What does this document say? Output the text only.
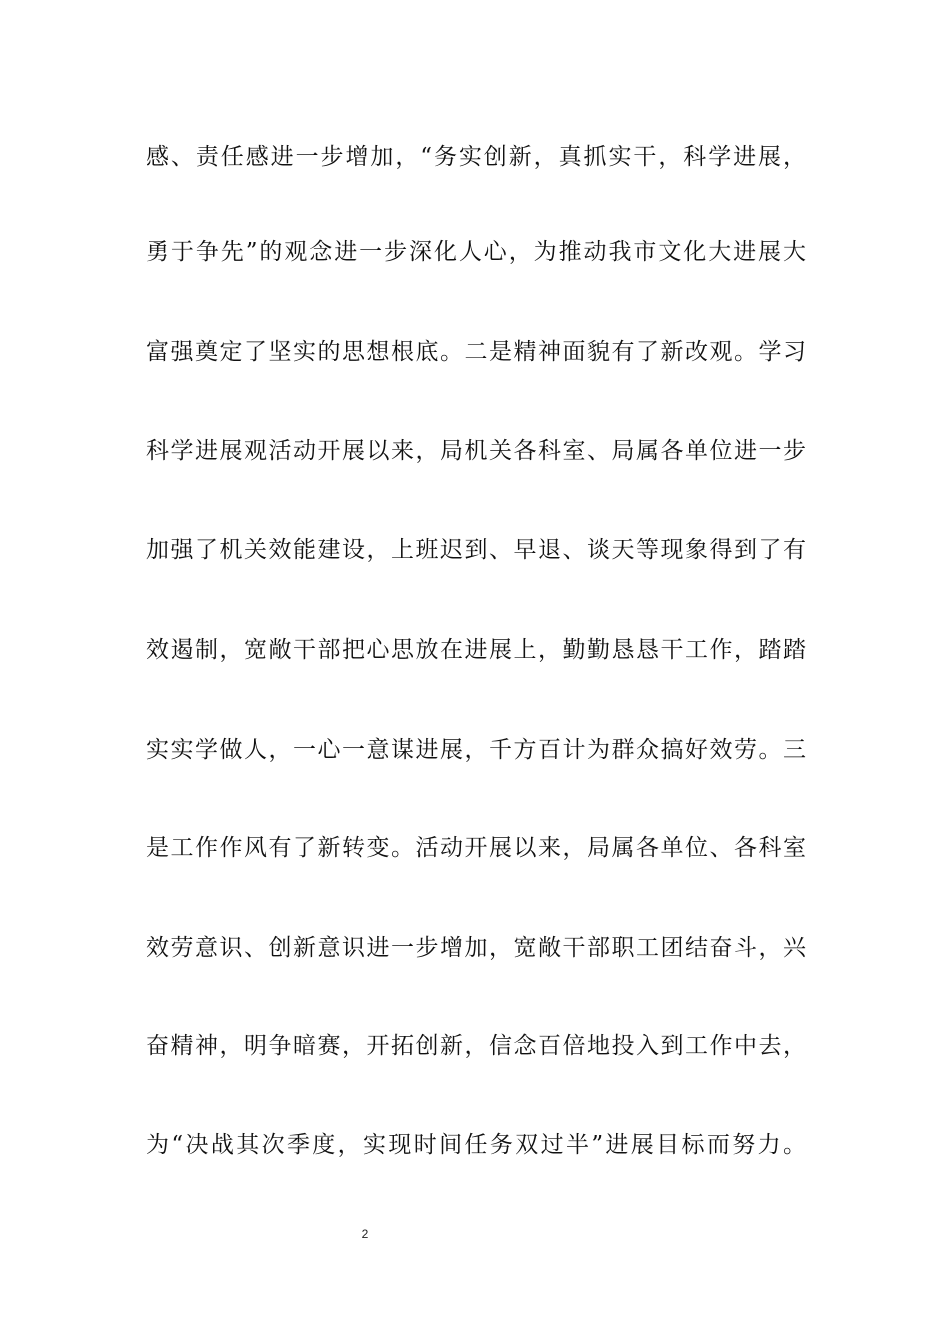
感、责任感进一步增加，“务实创新，真抓实干，科学进展，
勇于争先”的观念进一步深化人心，为推动我市文化大进展大
富强奠定了坚实的思想根底。二是精神面貌有了新改观。学习
科学进展观活动开展以来，局机关各科室、局属各单位进一步
加强了机关效能建设，上班迟到、早退、谈天等现象得到了有
效遏制，宽敞干部把心思放在进展上，勤勤恳恳干工作，踏踏
实实学做人，一心一意谋进展，千方百计为群众搞好效劳。三
是工作作风有了新转变。活动开展以来，局属各单位、各科室
效劳意识、创新意识进一步增加，宽敞干部职工团结奋斗，兴
奋精神，明争暗赛，开拓创新，信念百倍地投入到工作中去，
为“决战其次季度，实现时间任务双过半”进展目标而努力。
2
